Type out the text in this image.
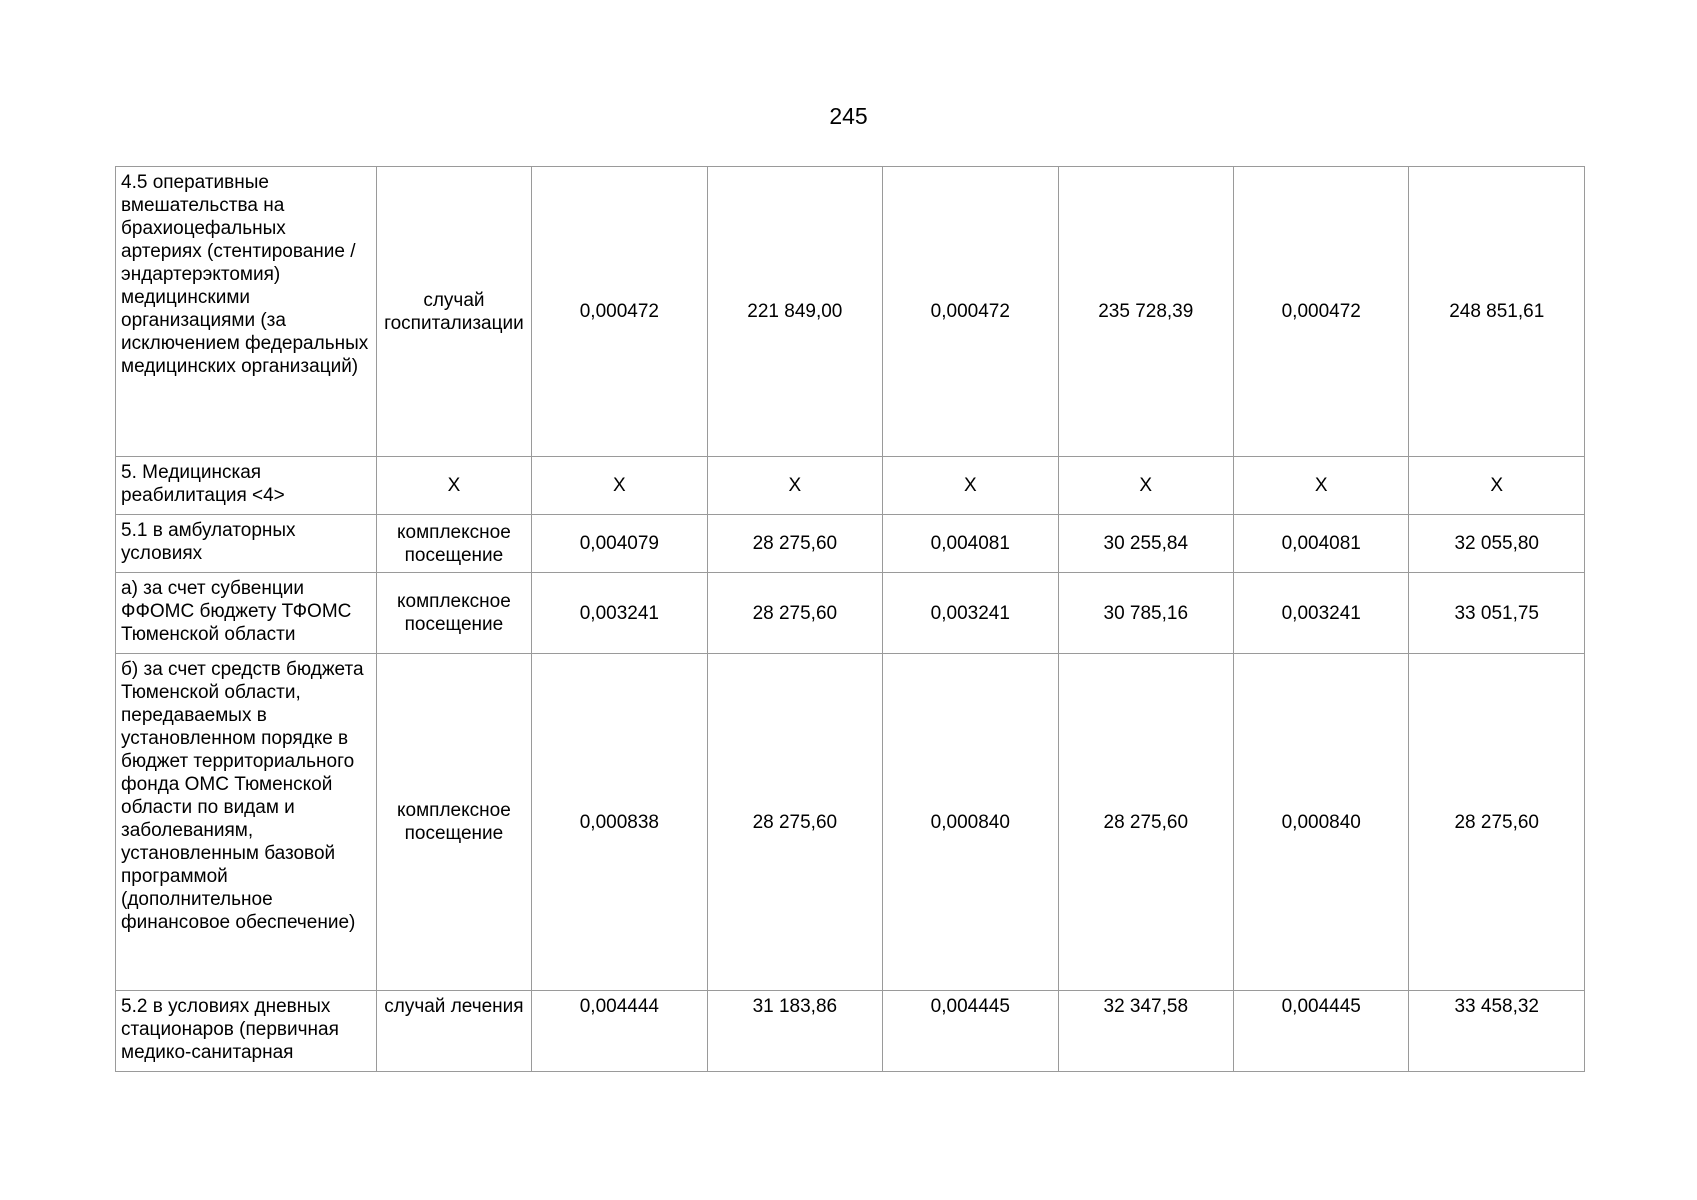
245
4.5 оперативные вмешательства на брахиоцефальных артериях (стентирование / эндартерэктомия) медицинскими организациями (за исключением федеральных медицинских организаций)	случай госпитализации	0,000472	221 849,00	0,000472	235 728,39	0,000472	248 851,61
5. Медицинская реабилитация <4>	Х	Х	Х	Х	Х	Х	Х
5.1 в амбулаторных условиях	комплексное посещение	0,004079	28 275,60	0,004081	30 255,84	0,004081	32 055,80
а) за счет субвенции ФФОМС бюджету ТФОМС Тюменской области	комплексное посещение	0,003241	28 275,60	0,003241	30 785,16	0,003241	33 051,75
б) за счет средств бюджета Тюменской области, передаваемых в установленном порядке в бюджет территориального фонда ОМС Тюменской области по видам и заболеваниям, установленным базовой программой (дополнительное финансовое обеспечение)	комплексное посещение	0,000838	28 275,60	0,000840	28 275,60	0,000840	28 275,60
5.2 в условиях дневных стационаров (первичная медико-санитарная	случай лечения	0,004444	31 183,86	0,004445	32 347,58	0,004445	33 458,32
